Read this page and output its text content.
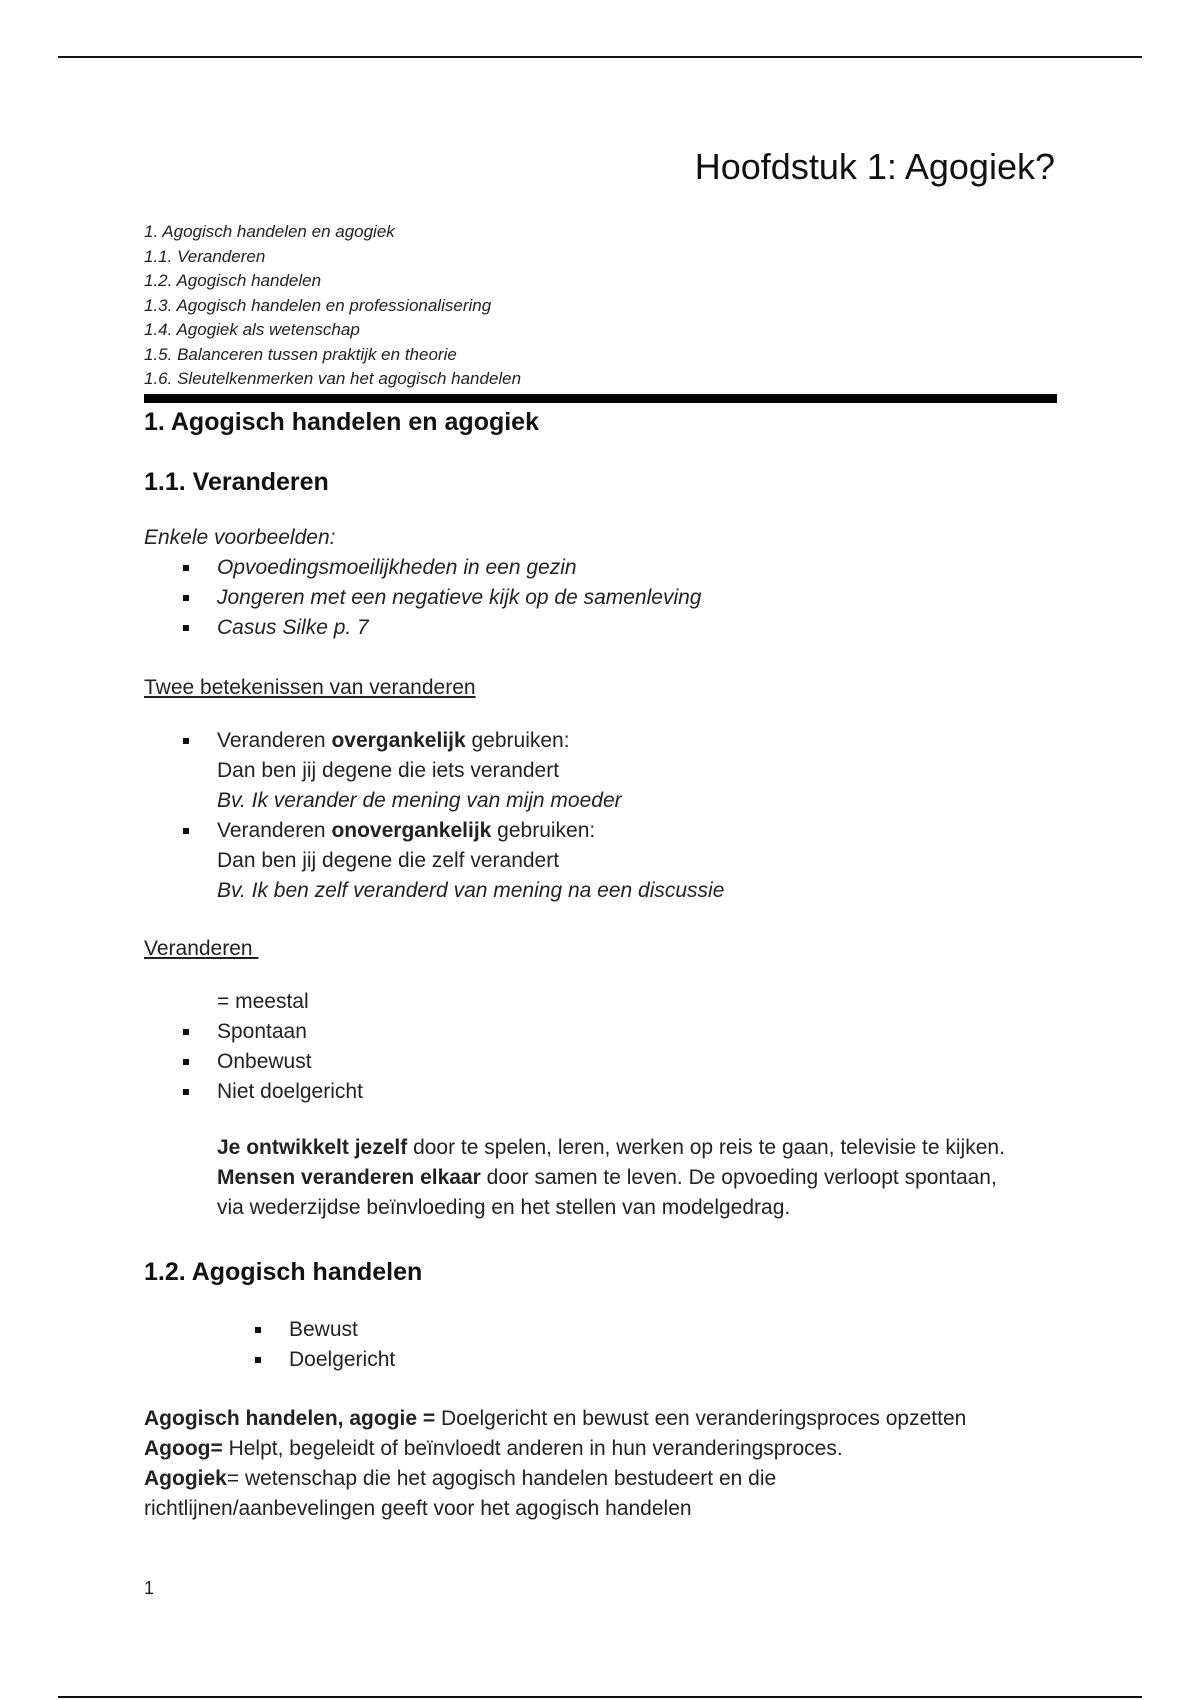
Hoofdstuk 1: Agogiek?
1. Agogisch handelen en agogiek
1.1. Veranderen
1.2. Agogisch handelen
1.3. Agogisch handelen en professionalisering
1.4. Agogiek als wetenschap
1.5. Balanceren tussen praktijk en theorie
1.6. Sleutelkenmerken van het agogisch handelen
1. Agogisch handelen en agogiek
1.1. Veranderen
Enkele voorbeelden:
Opvoedingsmoeilijkheden in een gezin
Jongeren met een negatieve kijk op de samenleving
Casus Silke p. 7
Twee betekenissen van veranderen
Veranderen overgankelijk gebruiken:
Dan ben jij degene die iets verandert
Bv. Ik verander de mening van mijn moeder
Veranderen onovergankelijk gebruiken:
Dan ben jij degene die zelf verandert
Bv. Ik ben zelf veranderd van mening na een discussie
Veranderen
= meestal
Spontaan
Onbewust
Niet doelgericht
Je ontwikkelt jezelf door te spelen, leren, werken op reis te gaan, televisie te kijken.
Mensen veranderen elkaar door samen te leven. De opvoeding verloopt spontaan,
via wederzijdse beïnvloeding en het stellen van modelgedrag.
1.2. Agogisch handelen
Bewust
Doelgericht
Agogisch handelen, agogie = Doelgericht en bewust een veranderingsproces opzetten
Agoog= Helpt, begeleidt of beïnvloedt anderen in hun veranderingsproces.
Agogiek= wetenschap die het agogisch handelen bestudeert en die
richtlijnen/aanbevelingen geeft voor het agogisch handelen
1
